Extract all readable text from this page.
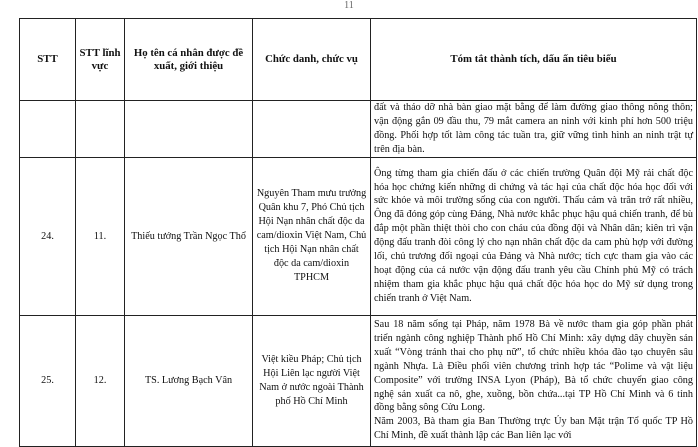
11
STT	STT lĩnh vực	Họ tên cá nhân được đề xuất, giới thiệu	Chức danh, chức vụ	Tóm tắt thành tích, dấu ấn tiêu biểu

				đất và tháo dỡ nhà bàn giao mặt bằng để làm đường giao thông nông thôn; vận động gắn 09 đầu thu, 79 mắt camera an ninh với kinh phí hơn 500 triệu đồng. Phối hợp tốt làm công tác tuần tra, giữ vững tình hình an ninh trật tự trên địa bàn.

24.	11.	Thiếu tướng Trần Ngọc Thổ	Nguyên Tham mưu trưởng Quân khu 7, Phó Chủ tịch Hội Nạn nhân chất độc da cam/dioxin Việt Nam, Chủ tịch Hội Nạn nhân chất độc da cam/dioxin TPHCM	Ông từng tham gia chiến đấu ở các chiến trường Quân đội Mỹ rải chất độc hóa học chứng kiến những di chứng và tác hại của chất độc hóa học đối với sức khỏe và môi trường sống của con người. Thấu cảm và trăn trở rất nhiều, Ông đã đóng góp cùng Đảng, Nhà nước khắc phục hậu quả chiến tranh, để bù đắp một phần thiệt thòi cho con cháu của đồng đội và Nhân dân; kiên trì vận động đấu tranh đòi công lý cho nạn nhân chất độc da cam phù hợp với đường lối, chủ trương đối ngoại của Đảng và Nhà nước; tích cực tham gia vào các hoạt động của cả nước vận động đấu tranh yêu cầu Chính phủ Mỹ có trách nhiệm tham gia khắc phục hậu quả chất độc hóa học do Mỹ sử dụng trong chiến tranh ở Việt Nam.

25.	12.	TS. Lương Bạch Vân	Việt kiều Pháp; Chủ tịch Hội Liên lạc người Việt Nam ở nước ngoài Thành phố Hồ Chí Minh	Sau 18 năm sống tại Pháp, năm 1978 Bà về nước tham gia góp phần phát triển ngành công nghiệp Thành phố Hồ Chí Minh: xây dựng dây chuyền sản xuất “Vòng tránh thai cho phụ nữ”, tổ chức nhiều khóa đào tạo chuyên sâu ngành Nhựa. Là Điều phối viên chương trình hợp tác “Polime và vật liệu Composite” với trường INSA Lyon (Pháp), Bà tổ chức chuyển giao công nghệ sản xuất ca nô, ghe, xuồng, bồn chứa...tại TP Hồ Chí Minh và 6 tỉnh đồng bằng sông Cửu Long.
Năm 2003, Bà tham gia Ban Thường trực Ủy ban Mặt trận Tổ quốc TP Hồ Chí Minh, đề xuất thành lập các Ban liên lạc với
